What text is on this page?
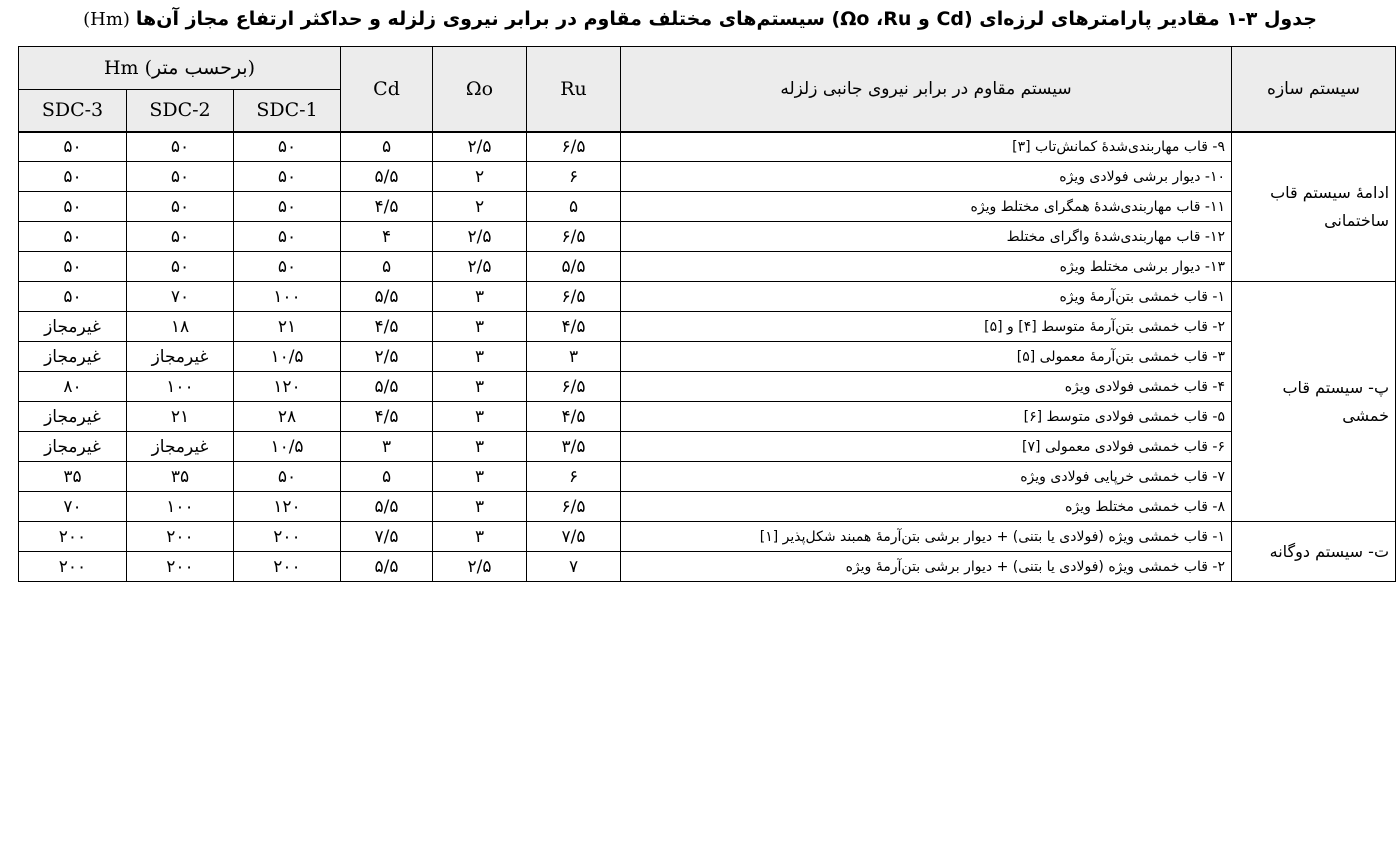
جدول ۳-۱ مقادیر پارامترهای لرزه‌ای (Cd و Ωo ،Ru) سیستم‌های مختلف مقاوم در برابر نیروی زلزله و حداکثر ارتفاع مجاز آن‌ها
(Hm)
Hm (برحسب متر)			Cd	Ωo	Ru	سیستم مقاوم در برابر نیروی جانبی زلزله	سیستم سازه
SDC-3	SDC-2	SDC-1					
۵۰	۵۰	۵۰	۵	۲/۵	۶/۵	۹- قاب مهاربندی‌شدهٔ کمانش‌تاب [۳]	ادامهٔ سیستم قاب ساختمانی
۵۰	۵۰	۵۰	۵/۵	۲	۶	۱۰- دیوار برشی فولادی ویژه	
۵۰	۵۰	۵۰	۴/۵	۲	۵	۱۱- قاب مهاربندی‌شدهٔ همگرای مختلط ویژه	
۵۰	۵۰	۵۰	۴	۲/۵	۶/۵	۱۲- قاب مهاربندی‌شدهٔ واگرای مختلط	
۵۰	۵۰	۵۰	۵	۲/۵	۵/۵	۱۳- دیوار برشی مختلط ویژه	
۵۰	۷۰	۱۰۰	۵/۵	۳	۶/۵	۱- قاب خمشی بتن‌آرمهٔ ویژه	پ- سیستم قاب خمشی
غیرمجاز	۱۸	۲۱	۴/۵	۳	۴/۵	۲- قاب خمشی بتن‌آرمهٔ متوسط [۴] و [۵]	
غیرمجاز	غیرمجاز	۱۰/۵	۲/۵	۳	۳	۳- قاب خمشی بتن‌آرمهٔ معمولی [۵]	
۸۰	۱۰۰	۱۲۰	۵/۵	۳	۶/۵	۴- قاب خمشی فولادی ویژه	
غیرمجاز	۲۱	۲۸	۴/۵	۳	۴/۵	۵- قاب خمشی فولادی متوسط [۶]	
غیرمجاز	غیرمجاز	۱۰/۵	۳	۳	۳/۵	۶- قاب خمشی فولادی معمولی [۷]	
۳۵	۳۵	۵۰	۵	۳	۶	۷- قاب خمشی خرپایی فولادی ویژه	
۷۰	۱۰۰	۱۲۰	۵/۵	۳	۶/۵	۸- قاب خمشی مختلط ویژه	
۲۰۰	۲۰۰	۲۰۰	۷/۵	۳	۷/۵	۱- قاب خمشی ویژه (فولادی یا بتنی) + دیوار برشی بتن‌آرمهٔ همبند شکل‌پذیر [۱]	ت- سیستم دوگانه
۲۰۰	۲۰۰	۲۰۰	۵/۵	۲/۵	۷	۲- قاب خمشی ویژه (فولادی یا بتنی) + دیوار برشی بتن‌آرمهٔ ویژه	
